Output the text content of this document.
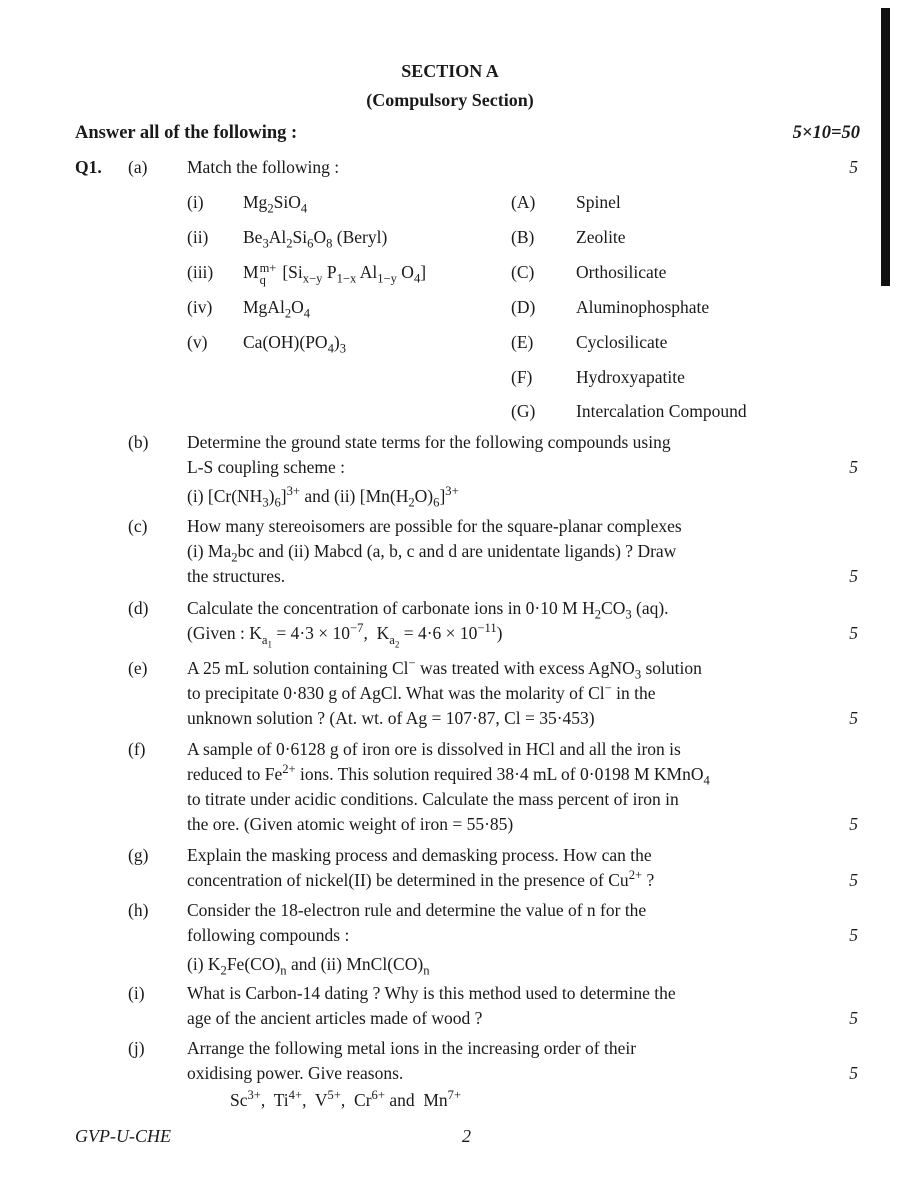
SECTION A
(Compulsory Section)
Answer all of the following :	5×10=50
Q1. (a) Match the following :	5
(i) $Mg_2SiO_4$	(A) Spinel
(ii) $Be_3Al_2Si_6O_8$ (Beryl)	(B) Zeolite
(iii) M m+
q [$Si_{x-y}$ $P_{1-x}$ $Al_{1-y}$ $O_4$]	(C) Orthosilicate
(iv) $MgAl_2O_4$	(D) Aluminophosphate
(v) $Ca(OH)(PO_4)_3$	(E) Cyclosilicate
(F) Hydroxyapatite
(G) Intercalation Compound
(b) Determine the ground state terms for the following compounds using
L-S coupling scheme :
(i) $[Cr(NH_3)_6]^{3+}$ and (ii) $[Mn(H_2O)_6]^{3+}$
5
(c) How many stereoisomers are possible for the square-planar complexes
(i) $Ma_2bc$ and (ii) Mabcd (a, b, c and d are unidentate ligands) ? Draw
the structures.	5
(d) Calculate the concentration of carbonate ions in 0·10 M $H_2CO_3$ (aq).
(Given : $K_{a_1} = 4\cdot 3 \times 10^{-7}$,  $K_{a_2} = 4\cdot 6 \times 10^{-11}$)	5
(e) A 25 mL solution containing Cl− was treated with excess AgNO$_3$ solution
to precipitate 0·830 g of AgCl. What was the molarity of Cl− in the
unknown solution ? (At. wt. of Ag = 107·87, Cl = 35·453)	5
(f) A sample of 0·6128 g of iron ore is dissolved in HCl and all the iron is
reduced to $Fe^{2+}$ ions. This solution required 38·4 mL of 0·0198 M KMnO$_4$
to titrate under acidic conditions. Calculate the mass percent of iron in
the ore. (Given atomic weight of iron = 55·85)	5
(g) Explain the masking process and demasking process. How can the
concentration of nickel(II) be determined in the presence of $Cu^{2+}$ ?	5
(h) Consider the 18-electron rule and determine the value of n for the
following compounds :
(i) $K_2Fe(CO)_n$ and (ii) $MnCl(CO)_n$
5
(i) What is Carbon-14 dating ? Why is this method used to determine the
age of the ancient articles made of wood ?	5
(j) Arrange the following metal ions in the increasing order of their
oxidising power. Give reasons.	5
$Sc^{3+}$,  $Ti^{4+}$,  $V^{5+}$,  $Cr^{6+}$ and  $Mn^{7+}$
GVP-U-CHE	2
